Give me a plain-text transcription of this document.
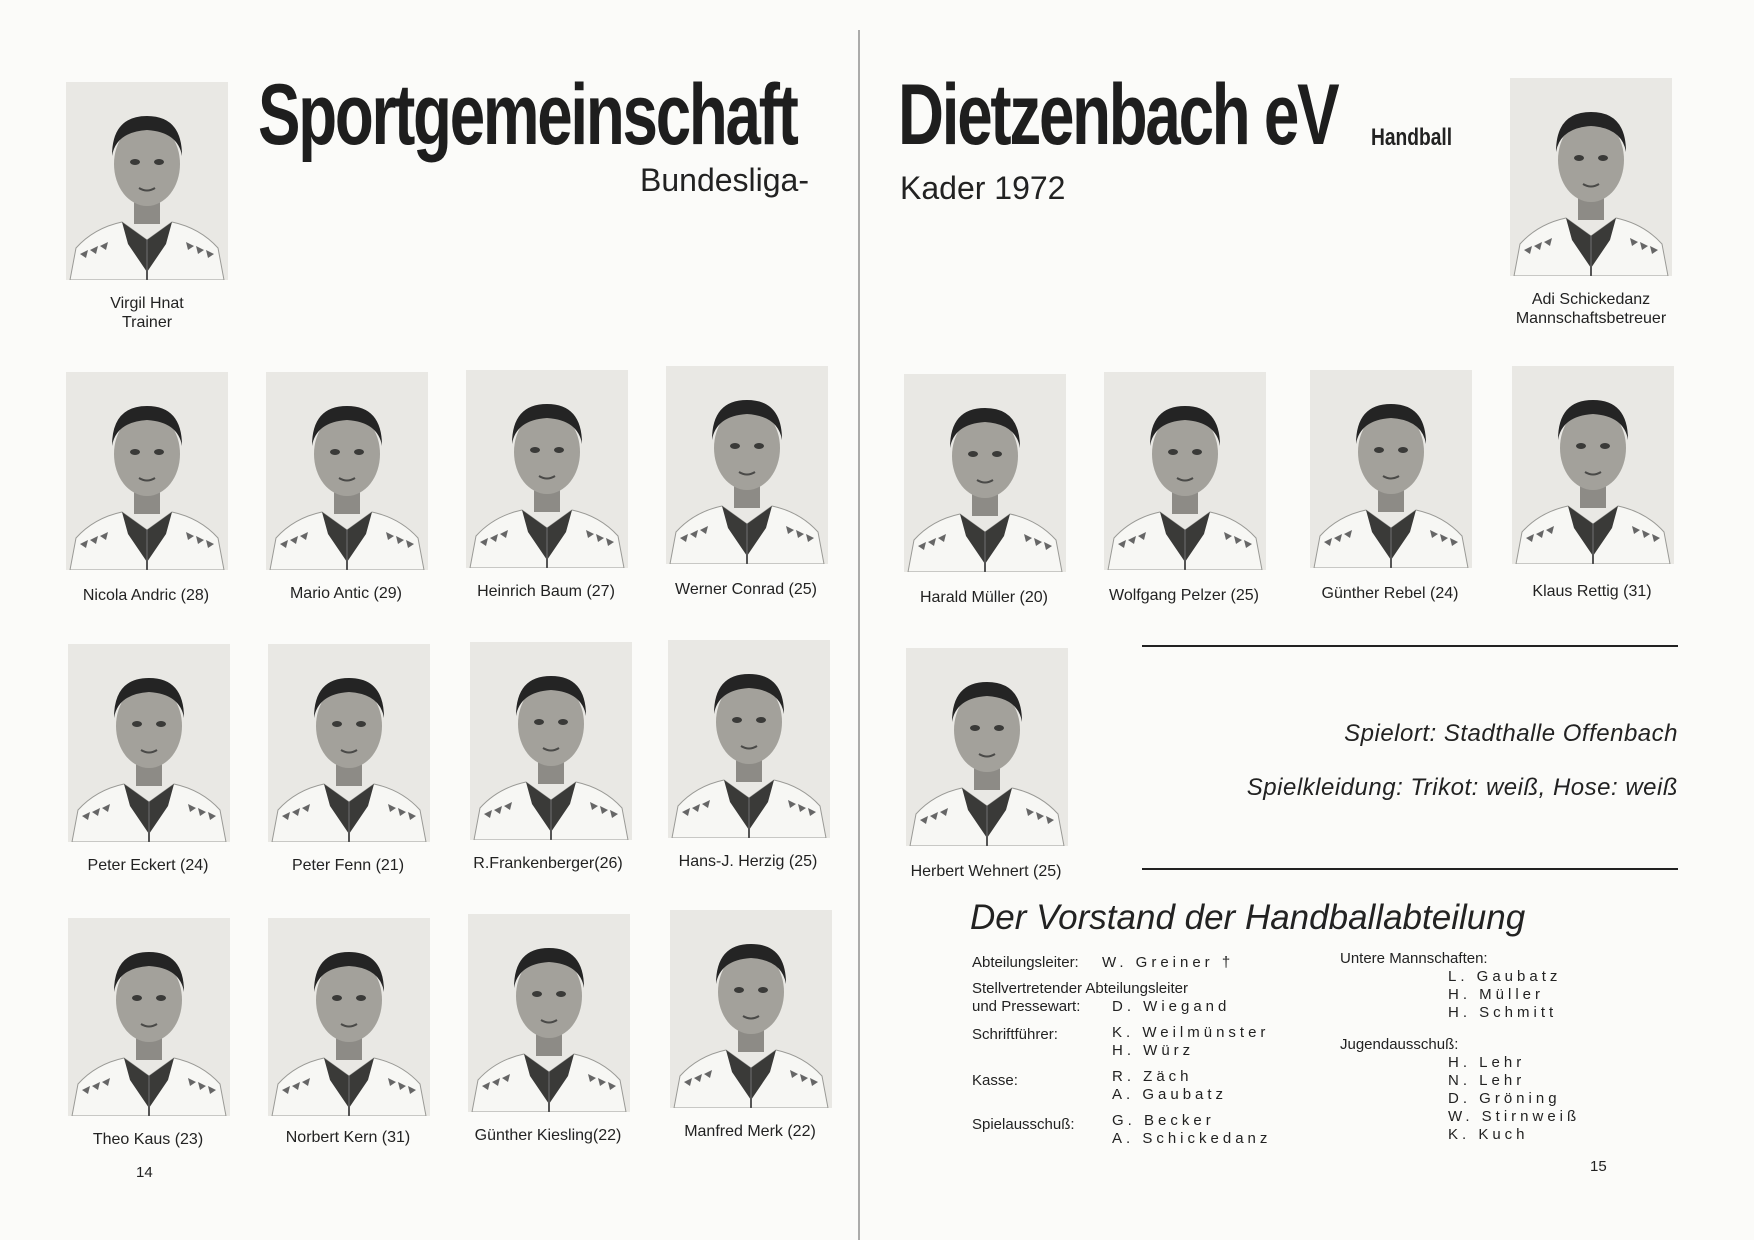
Sportgemeinschaft Dietzenbach eV Handball
Bundesliga-	Kader 1972
Virgil Hnat
Trainer
Adi Schickedanz
Mannschaftsbetreuer
Nicola Andric (28)	Mario Antic (29)	Heinrich Baum (27)	Werner Conrad (25)
Peter Eckert (24)	Peter Fenn (21)	R.Frankenberger(26)	Hans-J. Herzig (25)
Theo Kaus (23)	Norbert Kern (31)	Günther Kiesling(22)	Manfred Merk (22)
Harald Müller (20)	Wolfgang Pelzer (25)	Günther Rebel (24)	Klaus Rettig (31)
Herbert Wehnert (25)
Spielort: Stadthalle Offenbach
Spielkleidung: Trikot: weiß, Hose: weiß
Der Vorstand der Handballabteilung
Abteilungsleiter: W. Greiner †
Stellvertretender Abteilungsleiter
und Pressewart: D. Wiegand
Schriftführer:	K. Weilmünster
H. Würz
Kasse:	R. Zäch
A. Gaubatz
Spielausschuß: G. Becker
A. Schickedanz
Untere Mannschaften:
L. Gaubatz
H. Müller
H. Schmitt
Jugendausschuß:
H. Lehr
N. Lehr
D. Gröning
W. Stirnweiß
K. Kuch
14	15
